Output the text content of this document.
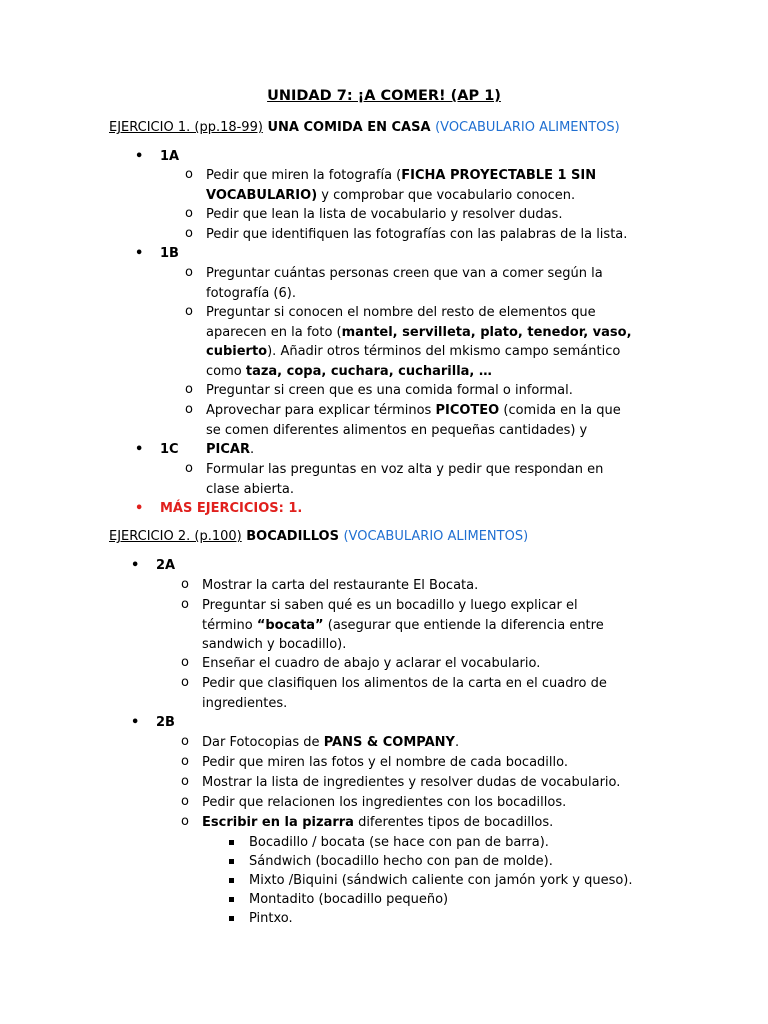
UNIDAD 7: ¡A COMER! (AP 1)
EJERCICIO 1. (pp.18-99) UNA COMIDA EN CASA (VOCABULARIO ALIMENTOS)
• 1A
o Pedir que miren la fotografía (FICHA PROYECTABLE 1 SIN VOCABULARIO) y comprobar que vocabulario conocen.
o Pedir que lean la lista de vocabulario y resolver dudas.
o Pedir que identifiquen las fotografías con las palabras de la lista.
• 1B
o Preguntar cuántas personas creen que van a comer según la fotografía (6).
o Preguntar si conocen el nombre del resto de elementos que aparecen en la foto (mantel, servilleta, plato, tenedor, vaso, cubierto). Añadir otros términos del mkismo campo semántico como taza, copa, cuchara, cucharilla, …
o Preguntar si creen que es una comida formal o informal.
o Aprovechar para explicar términos PICOTEO (comida en la que se comen diferentes alimentos en pequeñas cantidades) y PICAR.
• 1C
o Formular las preguntas en voz alta y pedir que respondan en clase abierta.
• MÁS EJERCICIOS: 1.
EJERCICIO 2. (p.100) BOCADILLOS (VOCABULARIO ALIMENTOS)
• 2A
o Mostrar la carta del restaurante El Bocata.
o Preguntar si saben qué es un bocadillo y luego explicar el término “bocata” (asegurar que entiende la diferencia entre sandwich y bocadillo).
o Enseñar el cuadro de abajo y aclarar el vocabulario.
o Pedir que clasifiquen los alimentos de la carta en el cuadro de ingredientes.
• 2B
o Dar Fotocopias de PANS & COMPANY.
o Pedir que miren las fotos y el nombre de cada bocadillo.
o Mostrar la lista de ingredientes y resolver dudas de vocabulario.
o Pedir que relacionen los ingredientes con los bocadillos.
o Escribir en la pizarra diferentes tipos de bocadillos.
Bocadillo / bocata (se hace con pan de barra).
Sándwich (bocadillo hecho con pan de molde).
Mixto /Biquini (sándwich caliente con jamón york y queso).
Montadito (bocadillo pequeño)
Pintxo.
